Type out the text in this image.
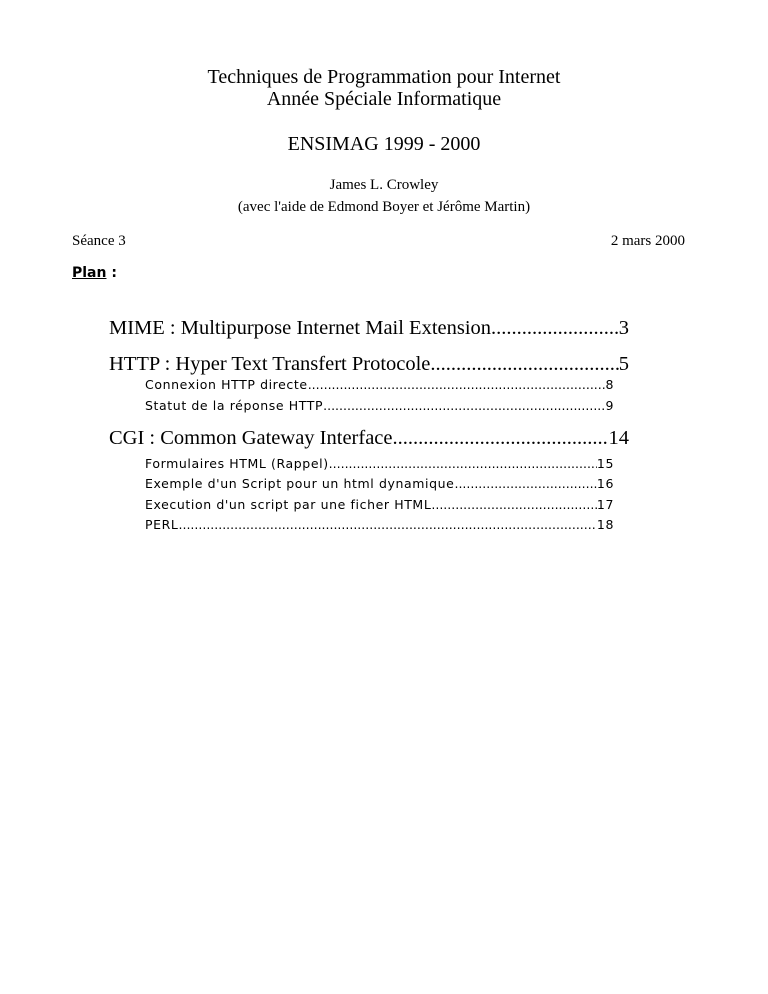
Techniques de Programmation pour Internet
Année Spéciale Informatique
ENSIMAG 1999 - 2000
James L. Crowley
(avec l'aide de Edmond Boyer et Jérôme Martin)
Séance 3	2 mars 2000
Plan :
MIME : Multipurpose Internet Mail Extension .....	3
HTTP : Hyper Text Transfert Protocole .....	5
Connexion HTTP directe .....	8
Statut de la réponse HTTP .....	9
CGI : Common Gateway Interface .....	14
Formulaires HTML (Rappel) .....	15
Exemple d'un Script pour un html dynamique .....	16
Execution d'un script par une ficher HTML .....	17
PERL .....	18
